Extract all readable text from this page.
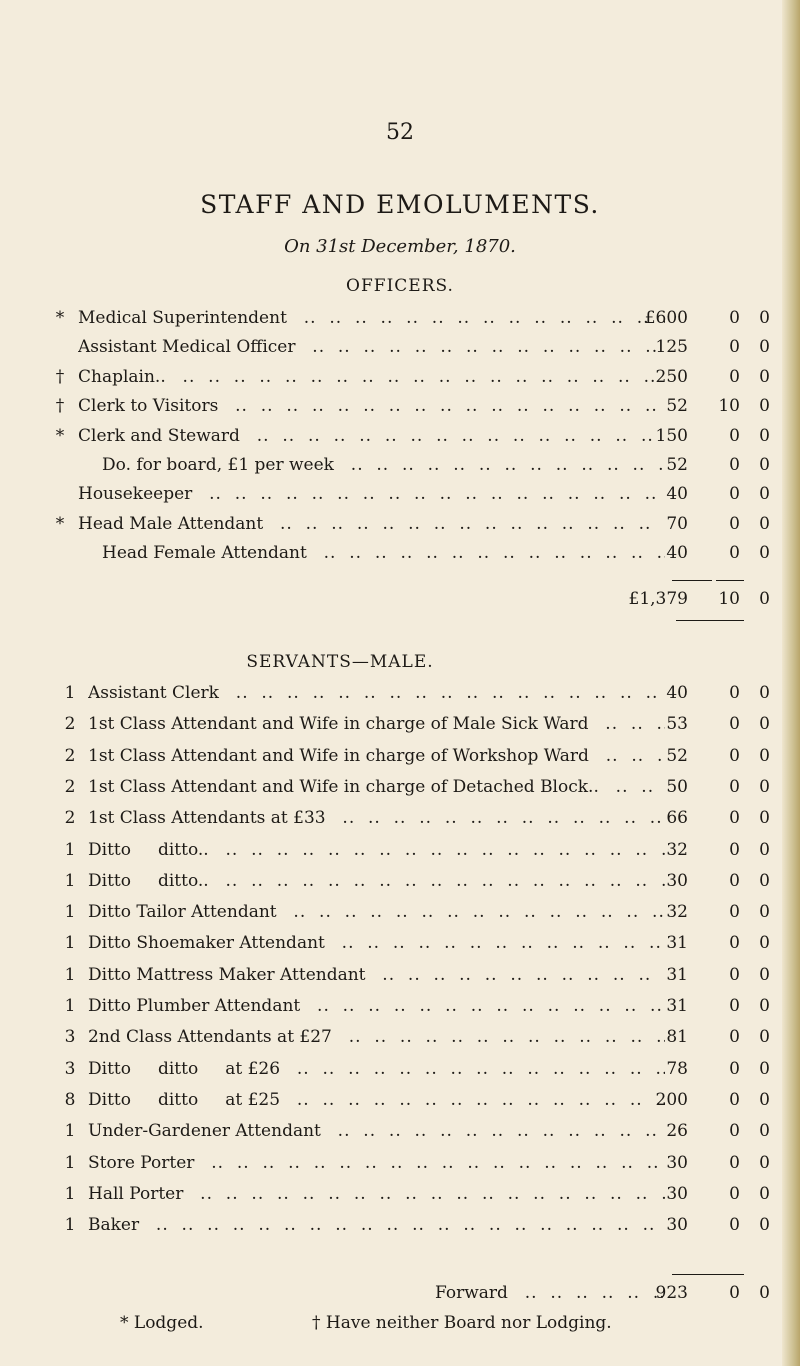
52
STAFF AND EMOLUMENTS.
On 31st December, 1870.
OFFICERS.
* Medical Superintendent .. .	£600	0	0
Assistant Medical Officer .. .	125	0	0
† Chaplain.. .. .	250	0	0
† Clerk to Visitors .. .	52	10	0
* Clerk and Steward .. .	150	0	0
Do. for board, £1 per week .. .	52	0	0
Housekeeper .. .	40	0	0
* Head Male Attendant .. .	70	0	0
Head Female Attendant .. .	40	0	0
£1,379	10	0
SERVANTS—MALE.
1 Assistant Clerk .. .	40	0	0
2 1st Class Attendant and Wife in charge of Male Sick Ward .. .	53	0	0
2 1st Class Attendant and Wife in charge of Workshop Ward .. .	52	0	0
2 1st Class Attendant and Wife in charge of Detached Block.. .. .	50	0	0
2 1st Class Attendants at £33 .. .	66	0	0
1 Ditto     ditto.. .. .	32	0	0
1 Ditto     ditto.. .. .	30	0	0
1 Ditto Tailor Attendant .. .	32	0	0
1 Ditto Shoemaker Attendant .. .	31	0	0
1 Ditto Mattress Maker Attendant .. .	31	0	0
1 Ditto Plumber Attendant .. .	31	0	0
3 2nd Class Attendants at £27 .. .	81	0	0
3 Ditto     ditto     at £26 .. .	78	0	0
8 Ditto     ditto     at £25 .. .	200	0	0
1 Under-Gardener Attendant .. .	26	0	0
1 Store Porter .. .	30	0	0
1 Hall Porter .. .	30	0	0
1 Baker .. .	30	0	0
Forward .. .	923	0	0
* Lodged.	† Have neither Board nor Lodging.
